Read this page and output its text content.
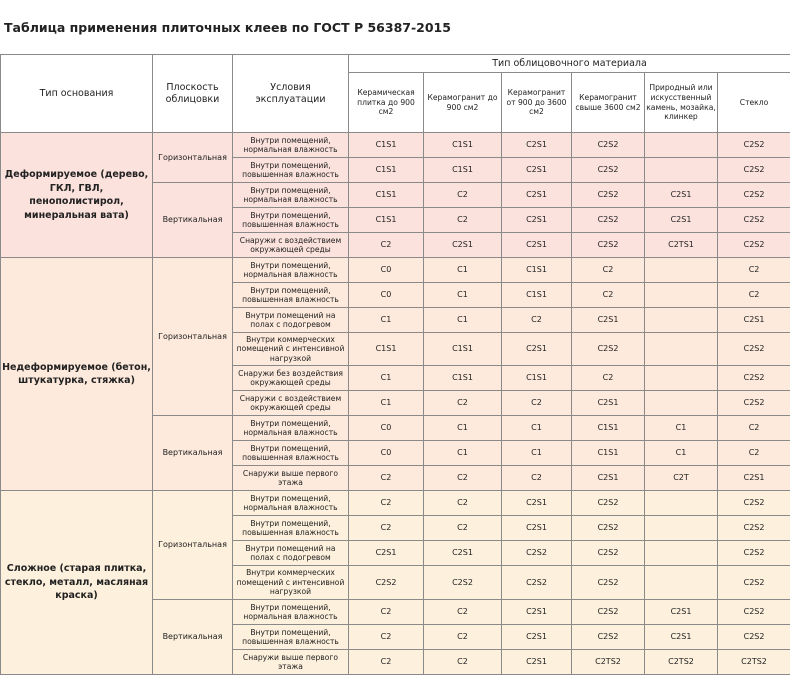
Таблица применения плиточных клеев по ГОСТ Р 56387-2015
Тип основания	Плоскость облицовки	Условия эксплуатации	Тип облицовочного материала					
			Керамическая плитка до 900 см2	Керамогранит до 900 см2	Керамогранит от 900 до 3600 см2	Керамогранит свыше 3600 см2	Природный или искусственный камень, мозайка, клинкер	Стекло
Деформируемое (дерево, ГКЛ, ГВЛ, пенополистирол, минеральная вата)	Горизонтальная	Внутри помещений, нормальная влажность	C1S1	C1S1	C2S1	C2S2		C2S2
		Внутри помещений, повышенная влажность	C1S1	C1S1	C2S1	C2S2		C2S2
	Вертикальная	Внутри помещений, нормальная влажность	C1S1	C2	C2S1	C2S2	C2S1	C2S2
		Внутри помещений, повышенная влажность	C1S1	C2	C2S1	C2S2	C2S1	C2S2
		Снаружи с воздействием окружающей среды	C2	C2S1	C2S1	C2S2	C2TS1	C2S2
Недеформируемое (бетон, штукатурка, стяжка)	Горизонтальная	Внутри помещений, нормальная влажность	C0	C1	C1S1	C2		C2
		Внутри помещений, повышенная влажность	C0	C1	C1S1	C2		C2
		Внутри помещений на полах с подогревом	C1	C1	C2	C2S1		C2S1
		Внутри коммерческих помещений с интенсивной нагрузкой	C1S1	C1S1	C2S1	C2S2		C2S2
		Снаружи без воздействия окружающей среды	C1	C1S1	C1S1	C2		C2S2
		Снаружи с воздействием окружающей среды	C1	C2	C2	C2S1		C2S2
	Вертикальная	Внутри помещений, нормальная влажность	C0	C1	C1	C1S1	C1	C2
		Внутри помещений, повышенная влажность	C0	C1	C1	C1S1	C1	C2
		Снаружи выше первого этажа	C2	C2	C2	C2S1	C2T	C2S1
Сложное (старая плитка, стекло, металл, масляная краска)	Горизонтальная	Внутри помещений, нормальная влажность	C2	C2	C2S1	C2S2		C2S2
		Внутри помещений, повышенная влажность	C2	C2	C2S1	C2S2		C2S2
		Внутри помещений на полах с подогревом	C2S1	C2S1	C2S2	C2S2		C2S2
		Внутри коммерческих помещений с интенсивной нагрузкой	C2S2	C2S2	C2S2	C2S2		C2S2
	Вертикальная	Внутри помещений, нормальная влажность	C2	C2	C2S1	C2S2	C2S1	C2S2
		Внутри помещений, повышенная влажность	C2	C2	C2S1	C2S2	C2S1	C2S2
		Снаружи выше первого этажа	C2	C2	C2S1	C2TS2	C2TS2	C2TS2
